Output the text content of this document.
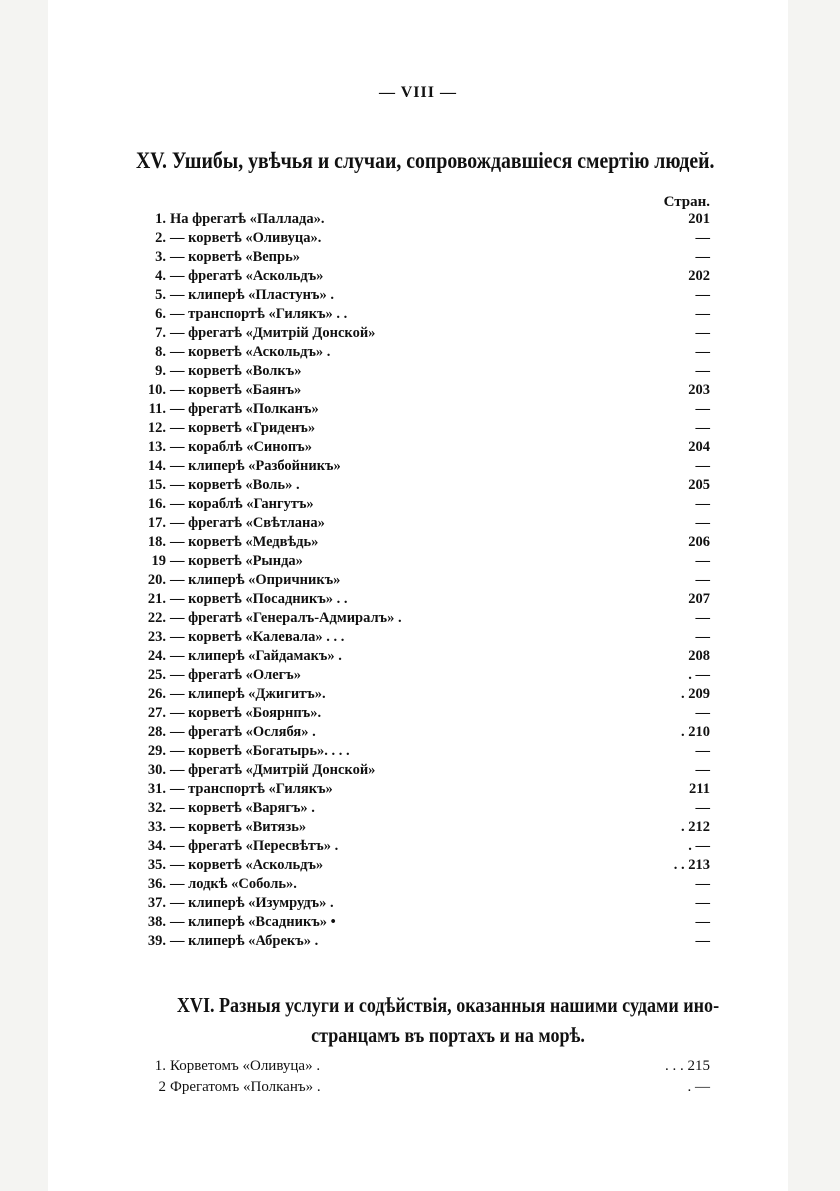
— VIII —
XV. Ушибы, увѣчья и случаи, сопровождавшіеся смертію людей.
Стран.
1. На фрегатѣ «Паллада».	201
2. — корветѣ «Оливуца».	—
3. — корветѣ «Вепрь»	—
4. — фрегатѣ «Аскольдъ»	202
5. — клиперѣ «Пластунъ» .	—
6. — транспортѣ «Гилякъ» . .	—
7. — фрегатѣ «Дмитрій Донской»	—
8. — корветѣ «Аскольдъ» .	—
9. — корветѣ «Волкъ»	—
10. — корветѣ «Баянъ»	203
11. — фрегатѣ «Полканъ»	—
12. — корветѣ «Гриденъ»	—
13. — кораблѣ «Синопъ»	204
14. — клиперѣ «Разбойникъ»	—
15. — корветѣ «Воль» .	205
16. — кораблѣ «Гангутъ»	—
17. — фрегатѣ «Свѣтлана»	—
18. — корветѣ «Медвѣдь»	206
19 — корветѣ «Рында»	—
20. — клиперѣ «Опричникъ»	—
21. — корветѣ «Посадникъ» . .	207
22. — фрегатѣ «Генералъ-Адмиралъ» .	—
23. — корветѣ «Калевала» . . .	—
24. — клиперѣ «Гайдамакъ» .	208
25. — фрегатѣ «Олегъ»	. —
26. — клиперѣ «Джигитъ».	. 209
27. — корветѣ «Боярнпъ».	—
28. — фрегатѣ «Ослябя» .	. 210
29. — корветѣ «Богатырь». . . .	—
30. — фрегатѣ «Дмитрій Донской»	—
31. — транспортѣ «Гилякъ»	211
32. — корветѣ «Варягъ» .	—
33. — корветѣ «Витязь»	. 212
34. — фрегатѣ «Пересвѣтъ» .	. —
35. — корветѣ «Аскольдъ»	. . 213
36. — лодкѣ «Соболь».	—
37. — клиперѣ «Изумрудъ» .	—
38. — клиперѣ «Всадникъ» •	—
39. — клиперѣ «Абрекъ» .	—
XVI. Разныя услуги и содѣйствія, оказанныя нашими судами ино-
странцамъ въ портахъ и на морѣ.
1. Корветомъ «Оливуца» .	. . . 215
2 Фрегатомъ «Полканъ» .	. —
